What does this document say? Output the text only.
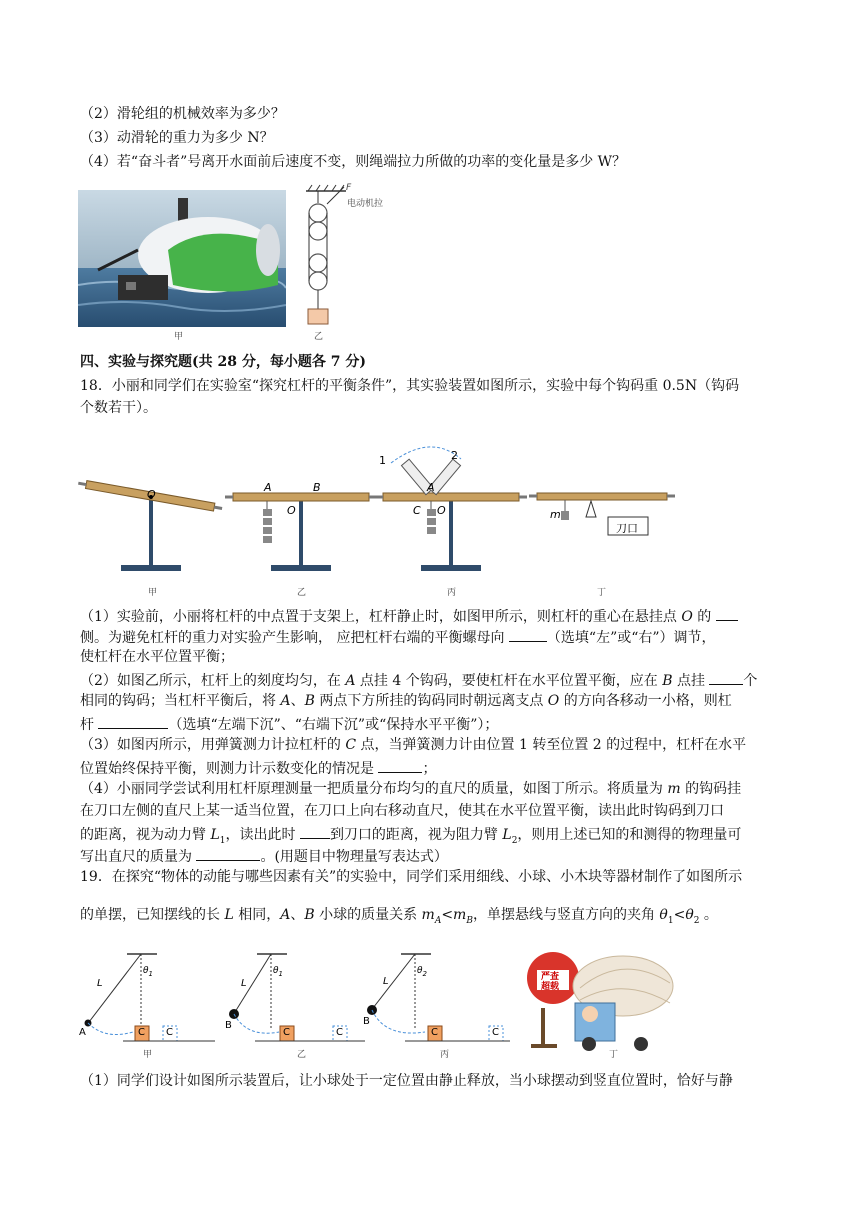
（2）滑轮组的机械效率为多少？
（3）动滑轮的重力为多少 N？
（4）若“奋斗者”号离开水面前后速度不变，则绳端拉力所做的功率的变化量是多少 W？
甲
F
电动机拉
乙
四、实验与探究题(共 28 分，每小题各 7 分)
18．小丽和同学们在实验室“探究杠杆的平衡条件”，其实验装置如图所示，实验中每个钩码重 0.5N（钩码
个数若干）。
O
A	B
O
1	2
A
C O	m
刀口
甲	乙	丙	丁
（1）实验前，小丽将杠杆的中点置于支架上，杠杆静止时，如图甲所示，则杠杆的重心在悬挂点 O 的
侧。为避免杠杆的重力对实验产生影响， 应把杠杆右端的平衡螺母向	（选填“左”或“右”）调节，
使杠杆在水平位置平衡；
（2）如图乙所示，杠杆上的刻度均匀，在 A 点挂 4 个钩码，要使杠杆在水平位置平衡，应在 B 点挂 个
相同的钩码；当杠杆平衡后，将 A、B 两点下方所挂的钩码同时朝远离支点 O 的方向各移动一小格，则杠
杆	（选填“左端下沉”、“右端下沉”或“保持水平平衡”）；
（3）如图丙所示，用弹簧测力计拉杠杆的 C 点，当弹簧测力计由位置 1 转至位置 2 的过程中，杠杆在水平
位置始终保持平衡，则测力计示数变化的情况是	；
（4）小丽同学尝试利用杠杆原理测量一把质量分布均匀的直尺的质量，如图丁所示。将质量为 m 的钩码挂
在刀口左侧的直尺上某一适当位置，在刀口上向右移动直尺，使其在水平位置平衡，读出此时钩码到刀口
的距离，视为动力臂 $L_1$，读出此时 到刀口的距离，视为阻力臂 $L_2$，则用上述已知的和测得的物理量可
写出直尺的质量为	。(用题目中物理量写表达式）
19．在探究“物体的动能与哪些因素有关”的实验中，同学们采用细线、小球、小木块等器材制作了如图所示
的单摆，已知摆线的长 L 相同，A、B 小球的质量关系 $m_A<m_B$，单摆悬线与竖直方向的夹角 $\theta_1<\theta_2$ 。
L
$\theta_1$
A	C C
L
$\theta_1$
B
C	C
L
$\theta_2$
B
C	C
严查
超载
甲	乙	丙	丁
（1）同学们设计如图所示装置后，让小球处于一定位置由静止释放，当小球摆动到竖直位置时，恰好与静
